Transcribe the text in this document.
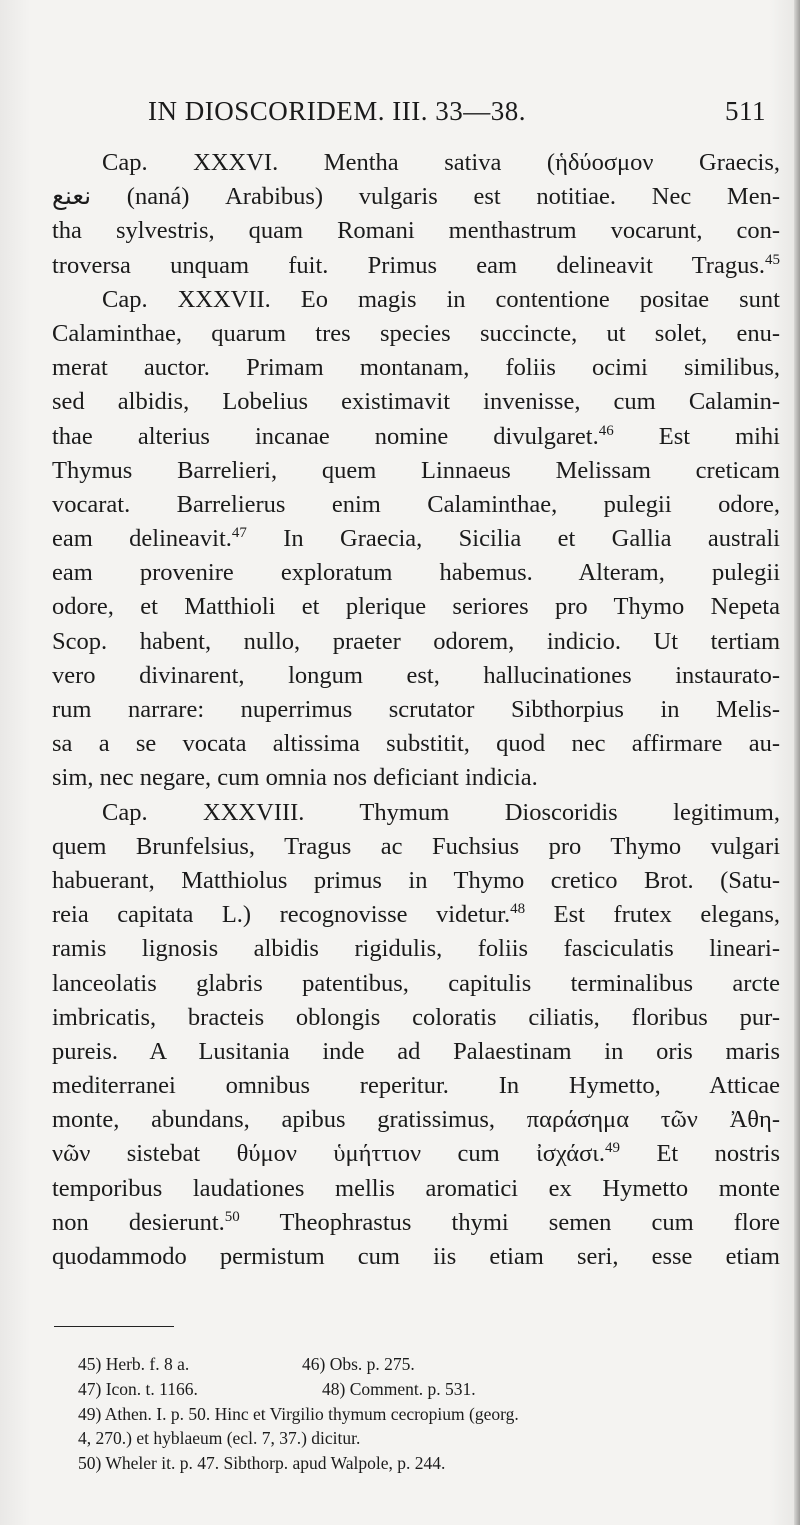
IN DIOSCORIDEM. III. 33—38.	511
Cap. XXXVI. Mentha sativa (ἡδύοσμον Graecis,
نعنع (naná) Arabibus) vulgaris est notitiae. Nec Men-
tha sylvestris, quam Romani menthastrum vocarunt, con-
troversa unquam fuit. Primus eam delineavit Tragus.$^{45}$
Cap. XXXVII. Eo magis in contentione positae sunt
Calaminthae, quarum tres species succincte, ut solet, enu-
merat auctor. Primam montanam, foliis ocimi similibus,
sed albidis, Lobelius existimavit invenisse, cum Calamin-
thae alterius incanae nomine divulgaret.$^{46}$ Est mihi
Thymus Barrelieri, quem Linnaeus Melissam creticam
vocarat. Barrelierus enim Calaminthae, pulegii odore,
eam delineavit.$^{47}$ In Graecia, Sicilia et Gallia australi
eam provenire exploratum habemus. Alteram, pulegii
odore, et Matthioli et plerique seriores pro Thymo Nepeta
Scop. habent, nullo, praeter odorem, indicio. Ut tertiam
vero divinarent, longum est, hallucinationes instaurato-
rum narrare: nuperrimus scrutator Sibthorpius in Melis-
sa a se vocata altissima substitit, quod nec affirmare au-
sim, nec negare, cum omnia nos deficiant indicia.
Cap. XXXVIII. Thymum Dioscoridis legitimum,
quem Brunfelsius, Tragus ac Fuchsius pro Thymo vulgari
habuerant, Matthiolus primus in Thymo cretico Brot. (Satu-
reia capitata L.) recognovisse videtur.$^{48}$ Est frutex elegans,
ramis lignosis albidis rigidulis, foliis fasciculatis lineari-
lanceolatis glabris patentibus, capitulis terminalibus arcte
imbricatis, bracteis oblongis coloratis ciliatis, floribus pur-
pureis. A Lusitania inde ad Palaestinam in oris maris
mediterranei omnibus reperitur. In Hymetto, Atticae
monte, abundans, apibus gratissimus, παράσημα τῶν Ἀθη-
νῶν sistebat θύμον ὑμήττιον cum ἰσχάσι.$^{49}$ Et nostris
temporibus laudationes mellis aromatici ex Hymetto monte
non desierunt.$^{50}$ Theophrastus thymi semen cum flore
quodammodo permistum cum iis etiam seri, esse etiam
45) Herb. f. 8 a.	46) Obs. p. 275.
47) Icon. t. 1166.	48) Comment. p. 531.
49) Athen. I. p. 50. Hinc et Virgilio thymum cecropium (georg.
4, 270.) et hyblaeum (ecl. 7, 37.) dicitur.
50) Wheler it. p. 47. Sibthorp. apud Walpole, p. 244.
